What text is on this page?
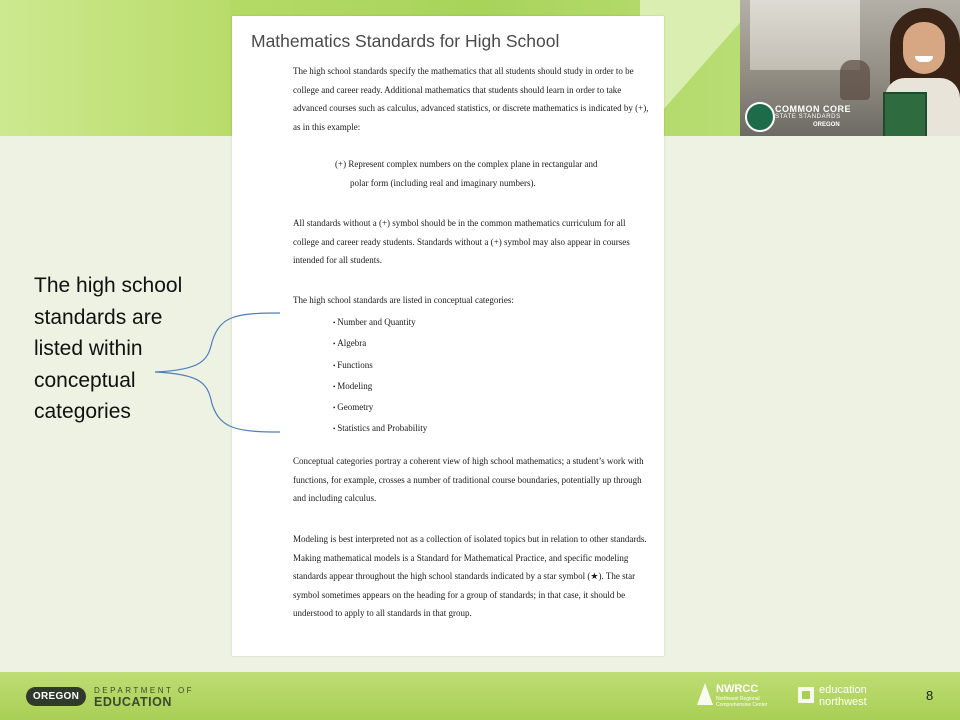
COMMON CORE
STATE STANDARDS
OREGON
Mathematics Standards for High School

The high school standards specify the mathematics that all students should study in order to be college and career ready. Additional mathematics that students should learn in order to take advanced courses such as calculus, advanced statistics, or discrete mathematics is indicated by (+), as in this example:

(+) Represent complex numbers on the complex plane in rectangular and

polar form (including real and imaginary numbers).

All standards without a (+) symbol should be in the common mathematics curriculum for all college and career ready students. Standards without a (+) symbol may also appear in courses intended for all students.

The high school standards are listed in conceptual categories:

• Number and Quantity
• Algebra
• Functions
• Modeling
• Geometry
• Statistics and Probability

Conceptual categories portray a coherent view of high school mathematics; a student’s work with functions, for example, crosses a number of traditional course boundaries, potentially up through and including calculus.

Modeling is best interpreted not as a collection of isolated topics but in relation to other standards. Making mathematical models is a Standard for Mathematical Practice, and specific modeling standards appear throughout the high school standards indicated by a star symbol (★). The star symbol sometimes appears on the heading for a group of standards; in that case, it should be understood to apply to all standards in that group.

The high school standards are listed within conceptual categories

OREGON
DEPARTMENT OF
EDUCATION
NWRCC
Northwest Regional Comprehensive Center
education
northwest	8
